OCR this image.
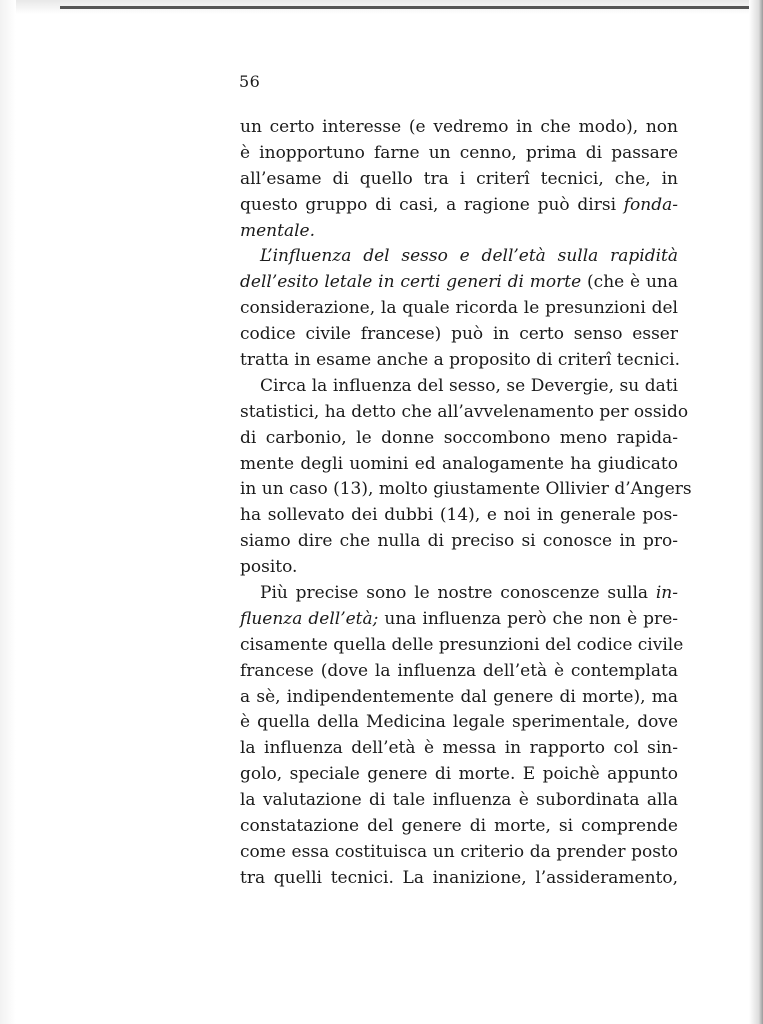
56
un certo interesse (e vedremo in che modo), non
è inopportuno farne un cenno, prima di passare
all’esame di quello tra i criterî tecnici, che, in
questo gruppo di casi, a ragione può dirsi fonda-
mentale.
L’influenza del sesso e dell’età sulla rapidità
dell’esito letale in certi generi di morte (che è una
considerazione, la quale ricorda le presunzioni del
codice civile francese) può in certo senso esser
tratta in esame anche a proposito di criterî tecnici.
Circa la influenza del sesso, se Devergie, su dati
statistici, ha detto che all’avvelenamento per ossido
di carbonio, le donne soccombono meno rapida-
mente degli uomini ed analogamente ha giudicato
in un caso (13), molto giustamente Ollivier d’Angers
ha sollevato dei dubbi (14), e noi in generale pos-
siamo dire che nulla di preciso si conosce in pro-
posito.
Più precise sono le nostre conoscenze sulla in-
fluenza dell’età; una influenza però che non è pre-
cisamente quella delle presunzioni del codice civile
francese (dove la influenza dell’età è contemplata
a sè, indipendentemente dal genere di morte), ma
è quella della Medicina legale sperimentale, dove
la influenza dell’età è messa in rapporto col sin-
golo, speciale genere di morte. E poichè appunto
la valutazione di tale influenza è subordinata alla
constatazione del genere di morte, si comprende
come essa costituisca un criterio da prender posto
tra quelli tecnici. La inanizione, l’assideramento,
